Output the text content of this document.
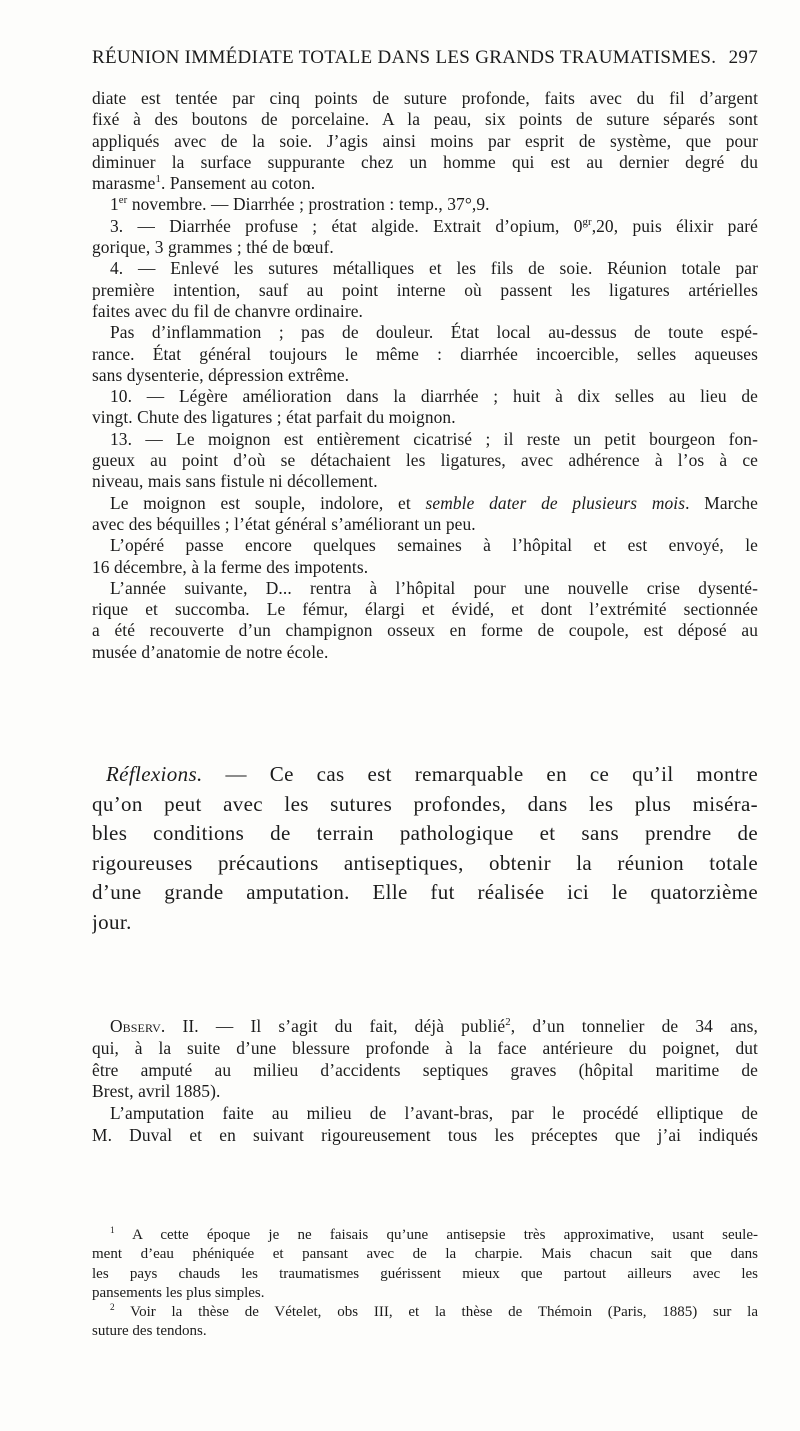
RÉUNION IMMÉDIATE TOTALE DANS LES GRANDS TRAUMATISMES. 297
diate est tentée par cinq points de suture profonde, faits avec du fil d’argent
fixé à des boutons de porcelaine. A la peau, six points de suture séparés sont
appliqués avec de la soie. J’agis ainsi moins par esprit de système, que pour
diminuer la surface suppurante chez un homme qui est au dernier degré du
marasme$^1$. Pansement au coton.
1er novembre. — Diarrhée ; prostration : temp., 37°,9.
3. — Diarrhée profuse ; état algide. Extrait d’opium, $0^{gr},20$, puis élixir paré
gorique, 3 grammes ; thé de bœuf.
4. — Enlevé les sutures métalliques et les fils de soie. Réunion totale par
première intention, sauf au point interne où passent les ligatures artérielles
faites avec du fil de chanvre ordinaire.
Pas d’inflammation ; pas de douleur. État local au-dessus de toute espé-
rance. État général toujours le même : diarrhée incoercible, selles aqueuses
sans dysenterie, dépression extrême.
10. — Légère amélioration dans la diarrhée ; huit à dix selles au lieu de
vingt. Chute des ligatures ; état parfait du moignon.
13. — Le moignon est entièrement cicatrisé ; il reste un petit bourgeon fon-
gueux au point d’où se détachaient les ligatures, avec adhérence à l’os à ce
niveau, mais sans fistule ni décollement.
Le moignon est souple, indolore, et semble dater de plusieurs mois. Marche
avec des béquilles ; l’état général s’améliorant un peu.
L’opéré passe encore quelques semaines à l’hôpital et est envoyé, le
16 décembre, à la ferme des impotents.
L’année suivante, D... rentra à l’hôpital pour une nouvelle crise dysenté-
rique et succomba. Le fémur, élargi et évidé, et dont l’extrémité sectionnée
a été recouverte d’un champignon osseux en forme de coupole, est déposé au
musée d’anatomie de notre école.
Réflexions. — Ce cas est remarquable en ce qu’il montre
qu’on peut avec les sutures profondes, dans les plus miséra-
bles conditions de terrain pathologique et sans prendre de
rigoureuses précautions antiseptiques, obtenir la réunion totale
d’une grande amputation. Elle fut réalisée ici le quatorzième
jour.
Observ. II. — Il s’agit du fait, déjà publié$^2$, d’un tonnelier de 34 ans,
qui, à la suite d’une blessure profonde à la face antérieure du poignet, dut
être amputé au milieu d’accidents septiques graves (hôpital maritime de
Brest, avril 1885).
L’amputation faite au milieu de l’avant-bras, par le procédé elliptique de
M. Duval et en suivant rigoureusement tous les préceptes que j’ai indiqués
$^1$ A cette époque je ne faisais qu’une antisepsie très approximative, usant seule-
ment d’eau phéniquée et pansant avec de la charpie. Mais chacun sait que dans
les pays chauds les traumatismes guérissent mieux que partout ailleurs avec les
pansements les plus simples.
$^2$ Voir la thèse de Vételet, obs III, et la thèse de Thémoin (Paris, 1885) sur la
suture des tendons.
